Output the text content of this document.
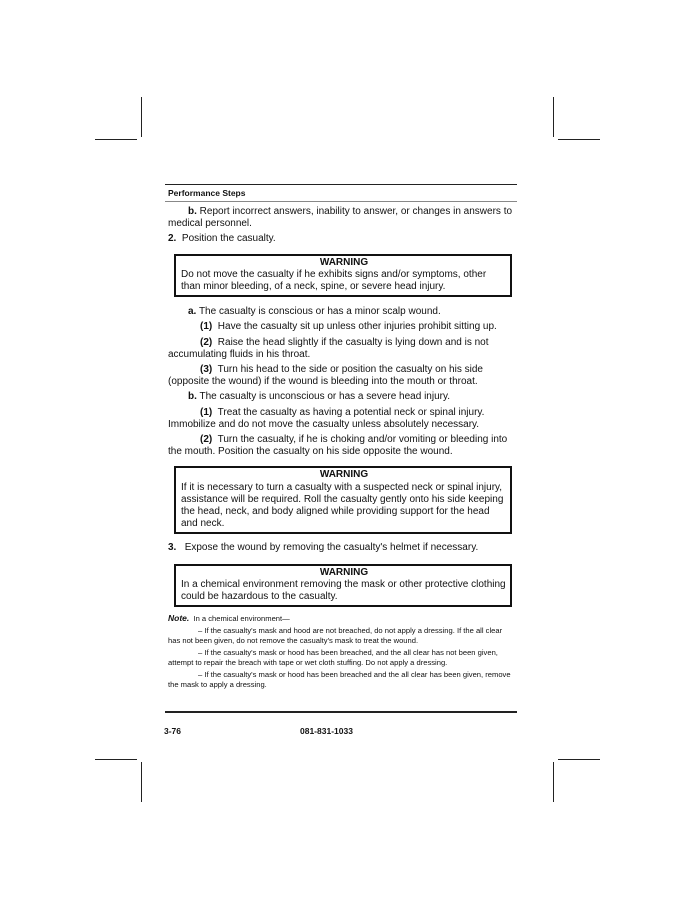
Performance Steps

b. Report incorrect answers, inability to answer, or changes in answers to medical personnel.

2. Position the casualty.

WARNING

Do not move the casualty if he exhibits signs and/or symptoms, other than minor bleeding, of a neck, spine, or severe head injury.

a. The casualty is conscious or has a minor scalp wound.

(1) Have the casualty sit up unless other injuries prohibit sitting up.

(2) Raise the head slightly if the casualty is lying down and is not accumulating fluids in his throat.

(3) Turn his head to the side or position the casualty on his side (opposite the wound) if the wound is bleeding into the mouth or throat.

b. The casualty is unconscious or has a severe head injury.

(1) Treat the casualty as having a potential neck or spinal injury. Immobilize and do not move the casualty unless absolutely necessary.

(2) Turn the casualty, if he is choking and/or vomiting or bleeding into the mouth. Position the casualty on his side opposite the wound.

WARNING

If it is necessary to turn a casualty with a suspected neck or spinal injury, assistance will be required. Roll the casualty gently onto his side keeping the head, neck, and body aligned while providing support for the head and neck.

3. Expose the wound by removing the casualty's helmet if necessary.

WARNING

In a chemical environment removing the mask or other protective clothing could be hazardous to the casualty.

Note. In a chemical environment—

– If the casualty's mask and hood are not breached, do not apply a dressing. If the all clear has not been given, do not remove the casualty's mask to treat the wound.

– If the casualty's mask or hood has been breached, and the all clear has not been given, attempt to repair the breach with tape or wet cloth stuffing. Do not apply a dressing.

– If the casualty's mask or hood has been breached and the all clear has been given, remove the mask to apply a dressing.

3-76	081-831-1033
